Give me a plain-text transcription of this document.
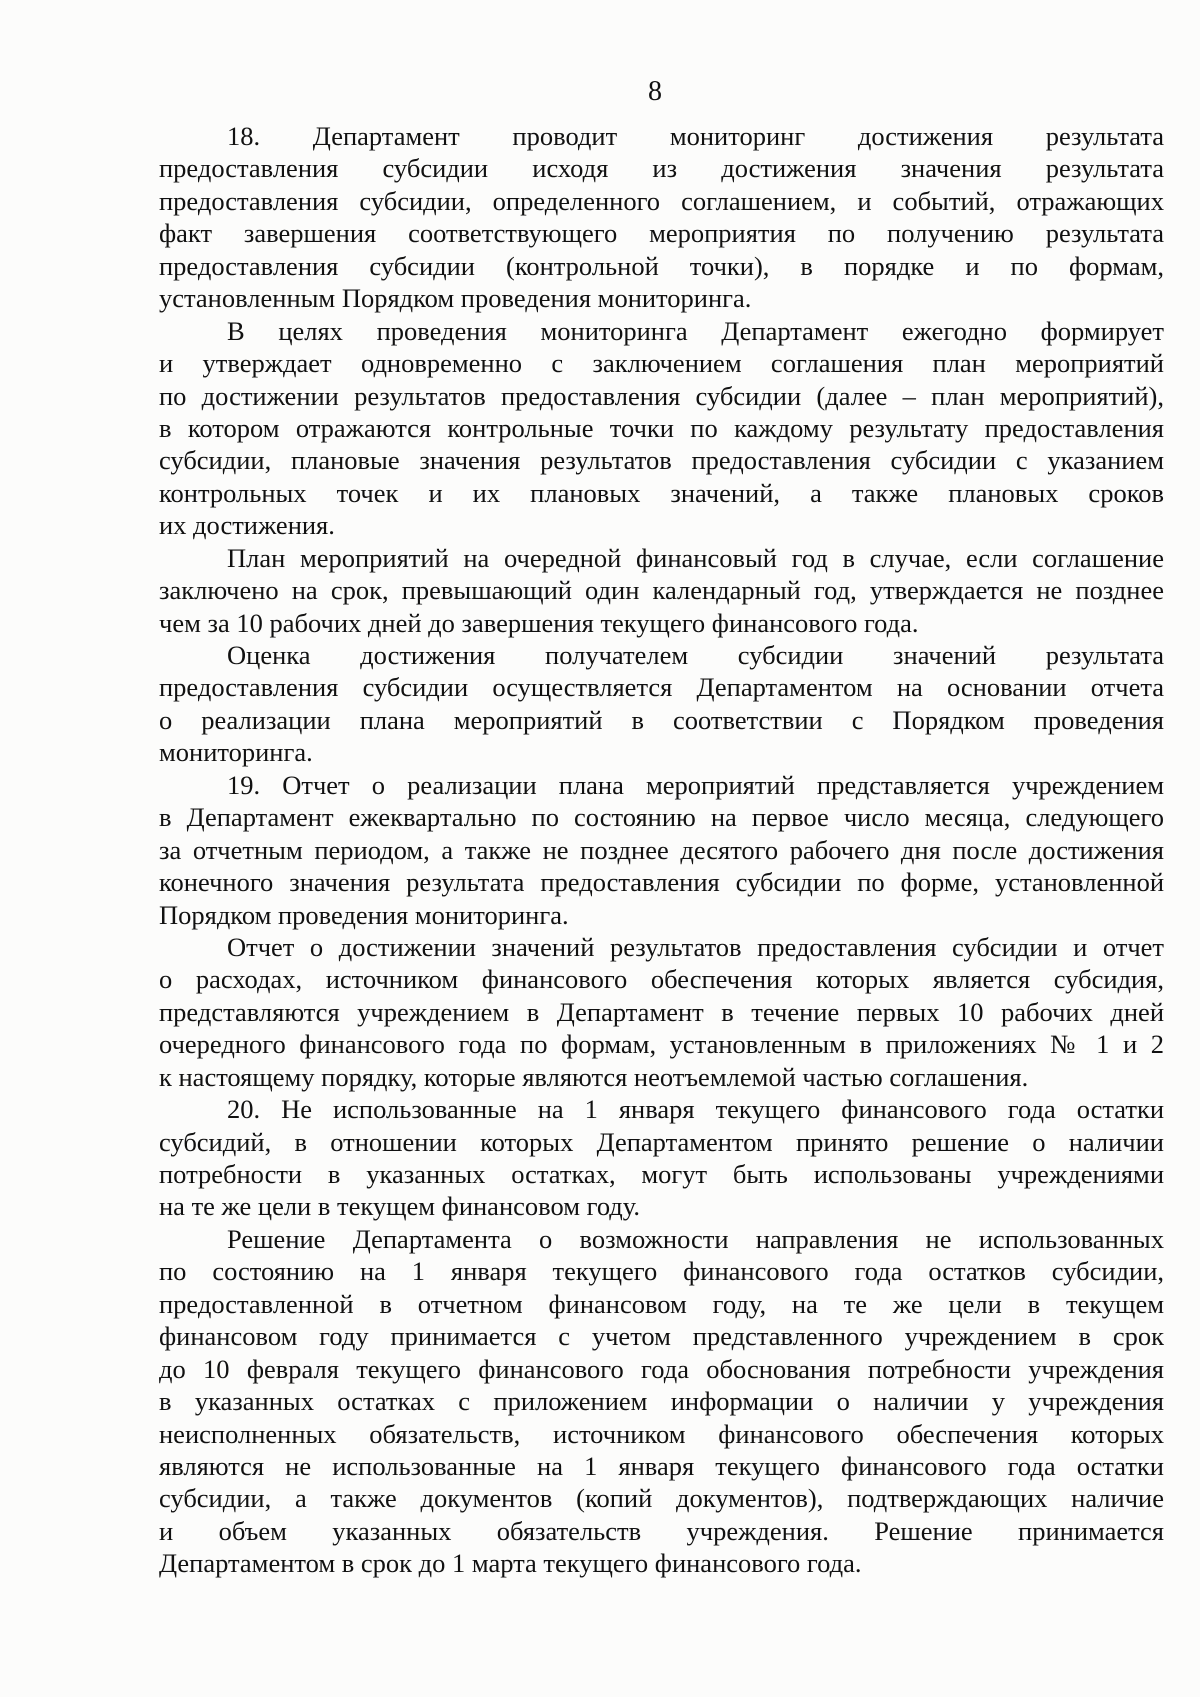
8
18. Департамент проводит мониторинг достижения результата
предоставления субсидии исходя из достижения значения результата
предоставления субсидии, определенного соглашением, и событий, отражающих
факт завершения соответствующего мероприятия по получению результата
предоставления субсидии (контрольной точки), в порядке и по формам,
установленным Порядком проведения мониторинга.
В целях проведения мониторинга Департамент ежегодно формирует
и утверждает одновременно с заключением соглашения план мероприятий
по достижении результатов предоставления субсидии (далее – план мероприятий),
в котором отражаются контрольные точки по каждому результату предоставления
субсидии, плановые значения результатов предоставления субсидии с указанием
контрольных точек и их плановых значений, а также плановых сроков
их достижения.
План мероприятий на очередной финансовый год в случае, если соглашение
заключено на срок, превышающий один календарный год, утверждается не позднее
чем за 10 рабочих дней до завершения текущего финансового года.
Оценка достижения получателем субсидии значений результата
предоставления субсидии осуществляется Департаментом на основании отчета
о реализации плана мероприятий в соответствии с Порядком проведения
мониторинга.
19. Отчет о реализации плана мероприятий представляется учреждением
в Департамент ежеквартально по состоянию на первое число месяца, следующего
за отчетным периодом, а также не позднее десятого рабочего дня после достижения
конечного значения результата предоставления субсидии по форме, установленной
Порядком проведения мониторинга.
Отчет о достижении значений результатов предоставления субсидии и отчет
о расходах, источником финансового обеспечения которых является субсидия,
представляются учреждением в Департамент в течение первых 10 рабочих дней
очередного финансового года по формам, установленным в приложениях № 1 и 2
к настоящему порядку, которые являются неотъемлемой частью соглашения.
20. Не использованные на 1 января текущего финансового года остатки
субсидий, в отношении которых Департаментом принято решение о наличии
потребности в указанных остатках, могут быть использованы учреждениями
на те же цели в текущем финансовом году.
Решение Департамента о возможности направления не использованных
по состоянию на 1 января текущего финансового года остатков субсидии,
предоставленной в отчетном финансовом году, на те же цели в текущем
финансовом году принимается с учетом представленного учреждением в срок
до 10 февраля текущего финансового года обоснования потребности учреждения
в указанных остатках с приложением информации о наличии у учреждения
неисполненных обязательств, источником финансового обеспечения которых
являются не использованные на 1 января текущего финансового года остатки
субсидии, а также документов (копий документов), подтверждающих наличие
и объем указанных обязательств учреждения. Решение принимается
Департаментом в срок до 1 марта текущего финансового года.
